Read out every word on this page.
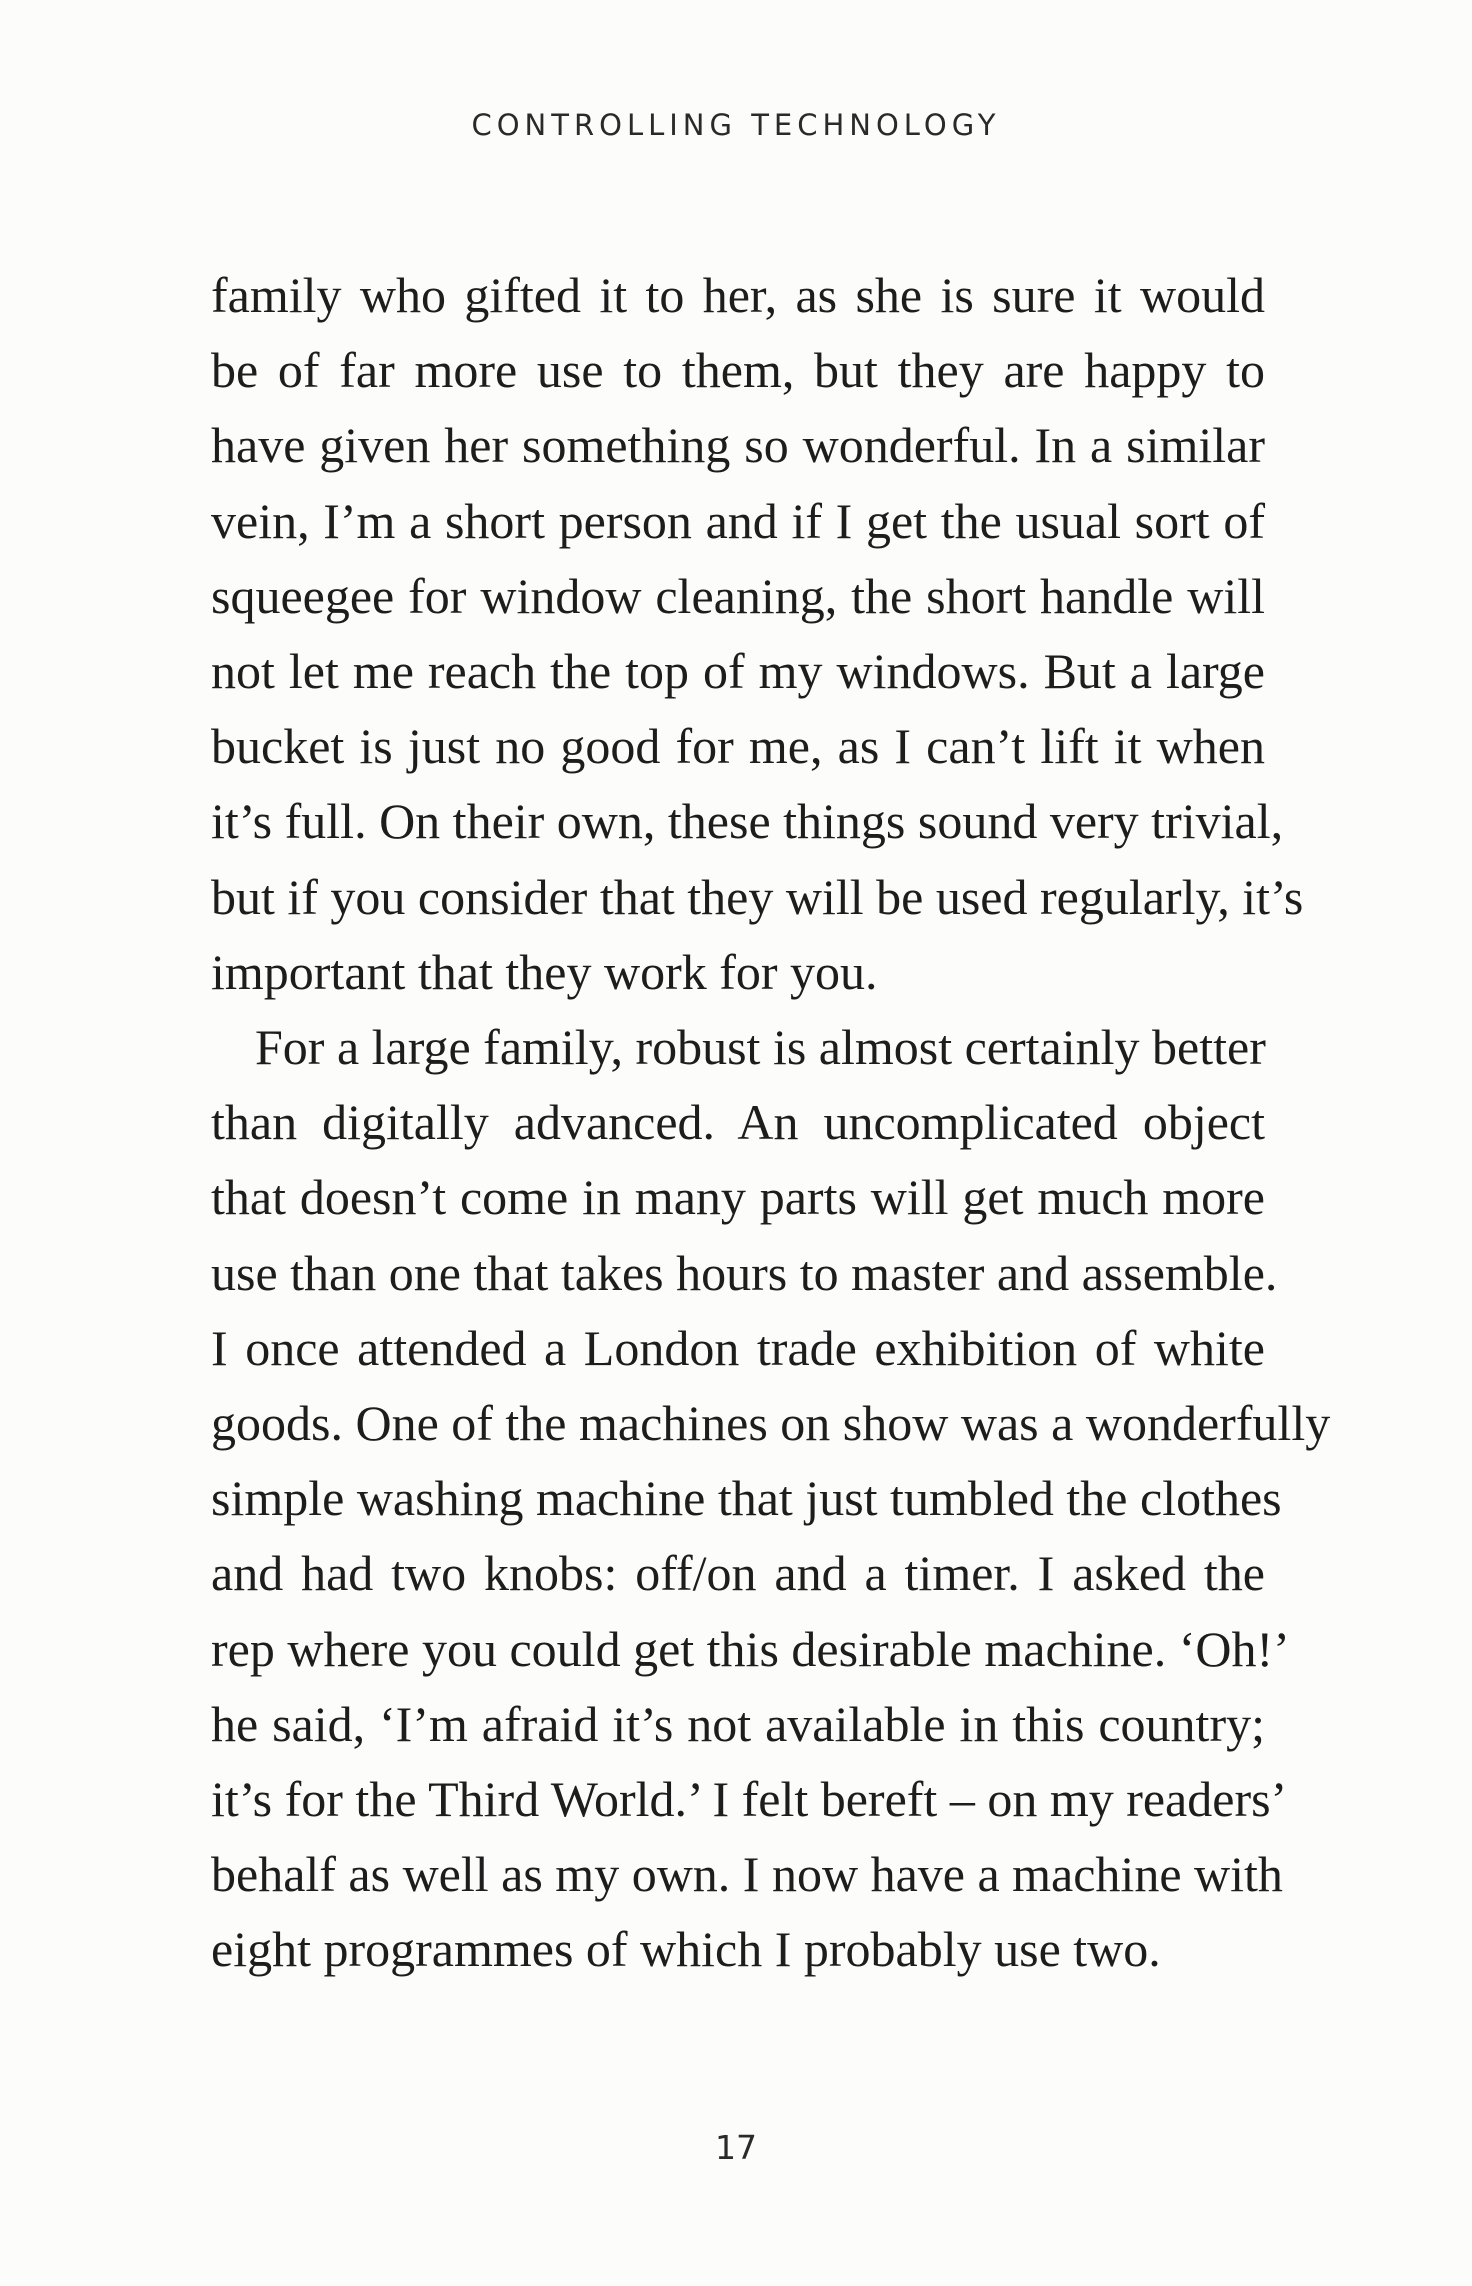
CONTROLLING TECHNOLOGY
family who gifted it to her, as she is sure it would
be of far more use to them, but they are happy to
have given her something so wonderful. In a similar
vein, I’m a short person and if I get the usual sort of
squeegee for window cleaning, the short handle will
not let me reach the top of my windows. But a large
bucket is just no good for me, as I can’t lift it when
it’s full. On their own, these things sound very trivial,
but if you consider that they will be used regularly, it’s
important that they work for you.
For a large family, robust is almost certainly better
than digitally advanced. An uncomplicated object
that doesn’t come in many parts will get much more
use than one that takes hours to master and assemble.
I once attended a London trade exhibition of white
goods. One of the machines on show was a wonderfully
simple washing machine that just tumbled the clothes
and had two knobs: off/on and a timer. I asked the
rep where you could get this desirable machine. ‘Oh!’
he said, ‘I’m afraid it’s not available in this country;
it’s for the Third World.’ I felt bereft – on my readers’
behalf as well as my own. I now have a machine with
eight programmes of which I probably use two.
17
